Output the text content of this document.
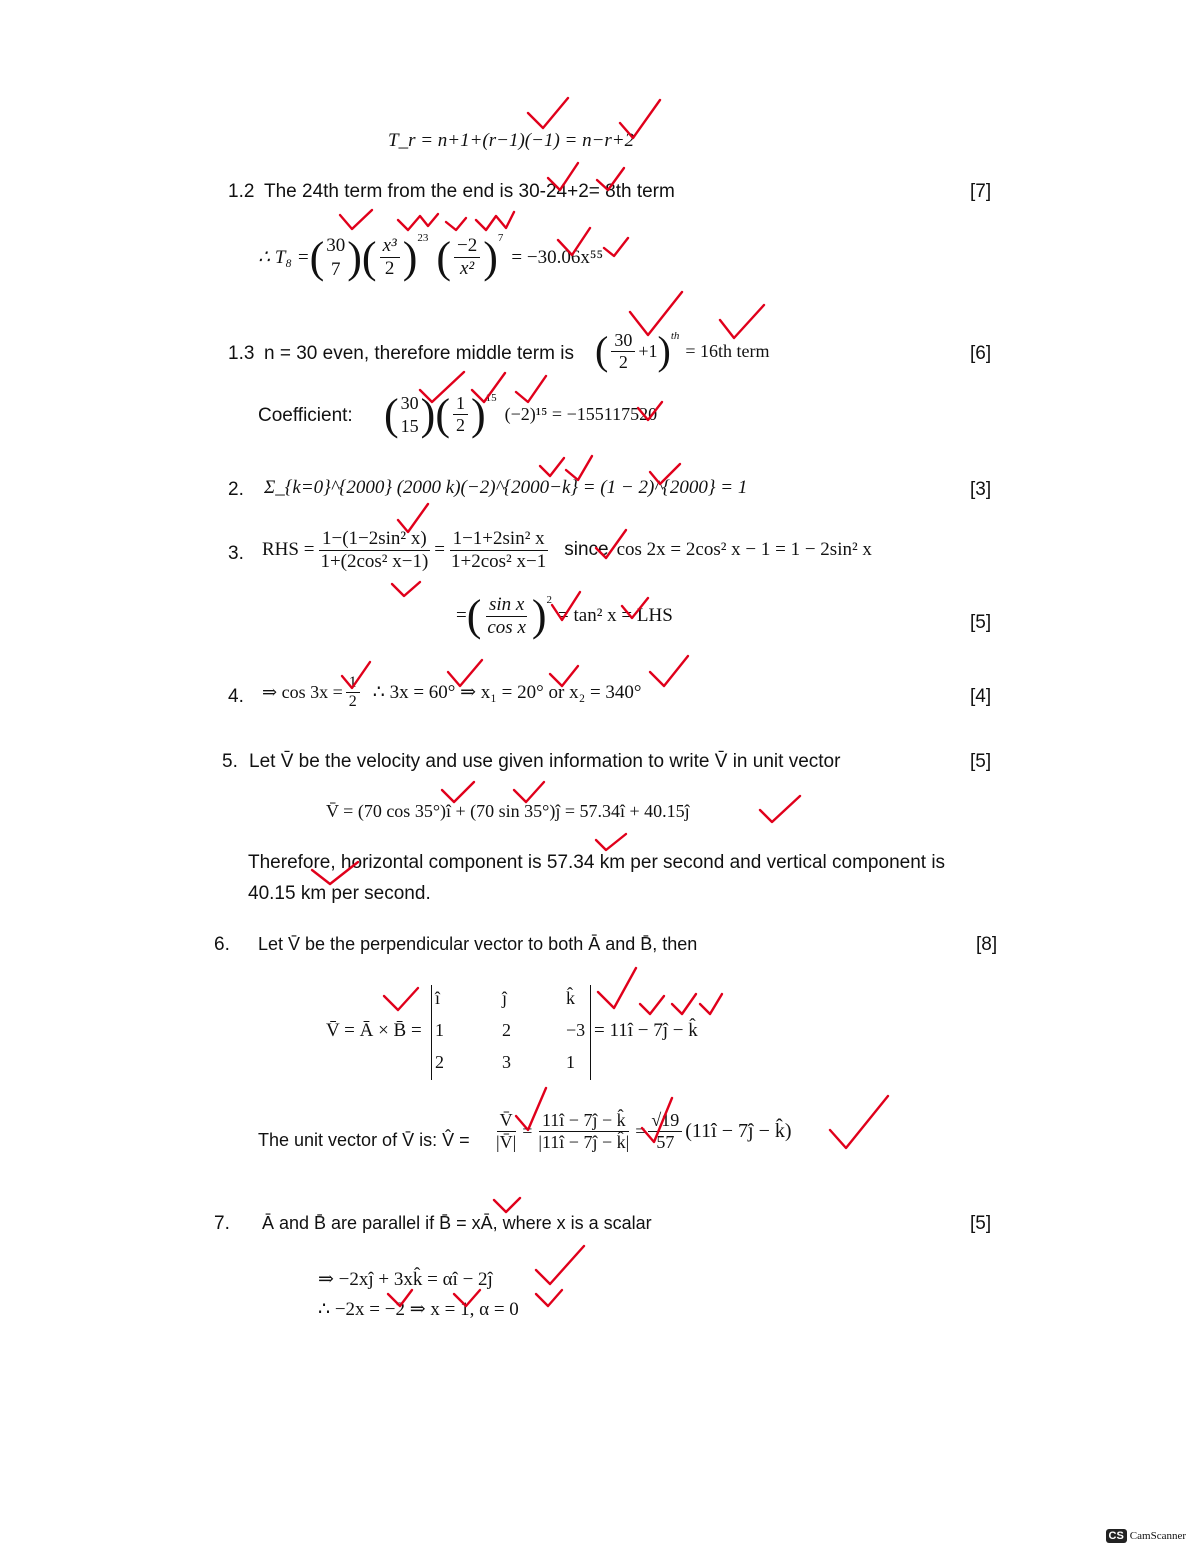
T_r = n+1+(r−1)(−1) = n−r+2
1.2 The 24th term from the end is 30-24+2= 8th term	[7]
∴ T₈ = ( 30
7 ) ( $\frac{\text{x³}}{2} )^{23}$ ( $\frac{-2}{\text{x²}} )^7$
= −30.06x⁵⁵
1.3 n = 30 even, therefore middle term is ( $\frac{30}{2} +1$ )$^{th}$
= 16th term	[6]
Coefficient: ( 30
15 ) ( $\frac{1}{2} )^{15}$
(−2)¹⁵ = −155117520
2. Σ_{k=0}^{2000} (2000 k)(−2)^{2000−k} = (1 − 2)^{2000} = 1	[3]
3. RHS = $\frac{\text{1−(1−2sin² x)}}{\text{1+(2cos² x−1)}} = \frac{\text{1−1+2sin² x}}{\text{1+2cos² x−1}}$ since cos 2x = 2cos² x − 1 = 1 − 2sin² x
= ( $\frac{\text{sin x}}{\text{cos x}} )^2$
= tan² x = LHS	[5]
4. ⇒ $\cos 3x = \frac{1}{2}$ ∴ 3x = 60° ⇒ x₁ = 20° or x₂ = 340°	[4]
5. Let V̄ be the velocity and use given information to write V̄ in unit vector	[5]
V̄ = (70 cos 35°)î + (70 sin 35°)ĵ = 57.34î + 40.15ĵ
Therefore, horizontal component is 57.34 km per second and vertical component is
40.15 km per second.
6. Let V̄ be the perpendicular vector to both Ā and B̄, then	[8]
V̄ = Ā × B̄ =
î	ĵ	k̂
1	2	−3
2	3	1
= 11î − 7ĵ − k̂
The unit vector of V̄ is: V̂ = $\frac{V̄}{|V̄|} = \frac{11î - 7ĵ - k̂}{|11î - 7ĵ - k̂|} = \frac{√19}{57}$ (11î − 7ĵ − k̂)
7. Ā and B̄ are parallel if B̄ = xĀ, where x is a scalar	[5]
⇒ −2xĵ + 3xk̂ = αî − 2ĵ
∴ −2x = −2 ⇒ x = 1, α = 0
CS CamScanner
